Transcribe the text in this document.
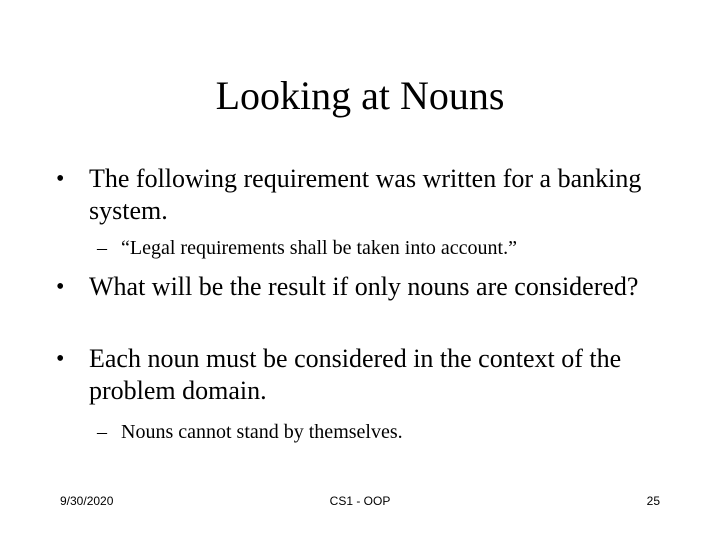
Looking at Nouns
• The following requirement was written for a banking system.
– “Legal requirements shall be taken into account.”
• What will be the result if only nouns are considered?
• Each noun must be considered in the context of the problem domain.
– Nouns cannot stand by themselves.
9/30/2020	CS1 - OOP	25
